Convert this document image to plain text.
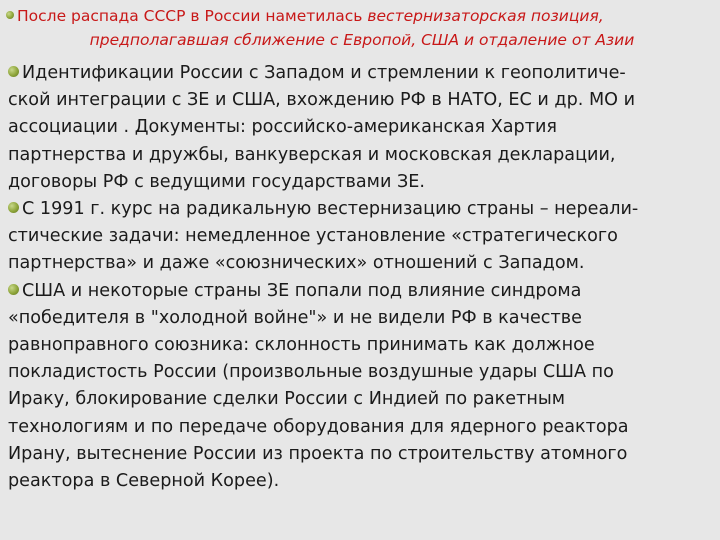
После распада СССР в России наметилась вестернизаторская позиция,
предполагавшая сближение с Европой, США и отдаление от Азии
Идентификации России с Западом и стремлении к геополитиче-
ской интеграции с ЗЕ и США, вхождению РФ в НАТО, ЕС и др. МО и
ассоциации . Документы: российско-американская Хартия
партнерства и дружбы, ванкуверская и московская декларации,
договоры РФ с ведущими государствами ЗЕ.
С 1991 г. курс на радикальную вестернизацию страны – нереали-
стические задачи: немедленное установление «стратегического
партнерства» и даже «союзнических» отношений с Западом.
США и некоторые страны ЗЕ попали под влияние синдрома
«победителя в "холодной войне"» и не видели РФ в качестве
равноправного союзника: склонность принимать как должное
покладистость России (произвольные воздушные удары США по
Ираку, блокирование сделки России с Индией по ракетным
технологиям и по передаче оборудования для ядерного реактора
Ирану, вытеснение России из проекта по строительству атомного
реактора в Северной Корее).
